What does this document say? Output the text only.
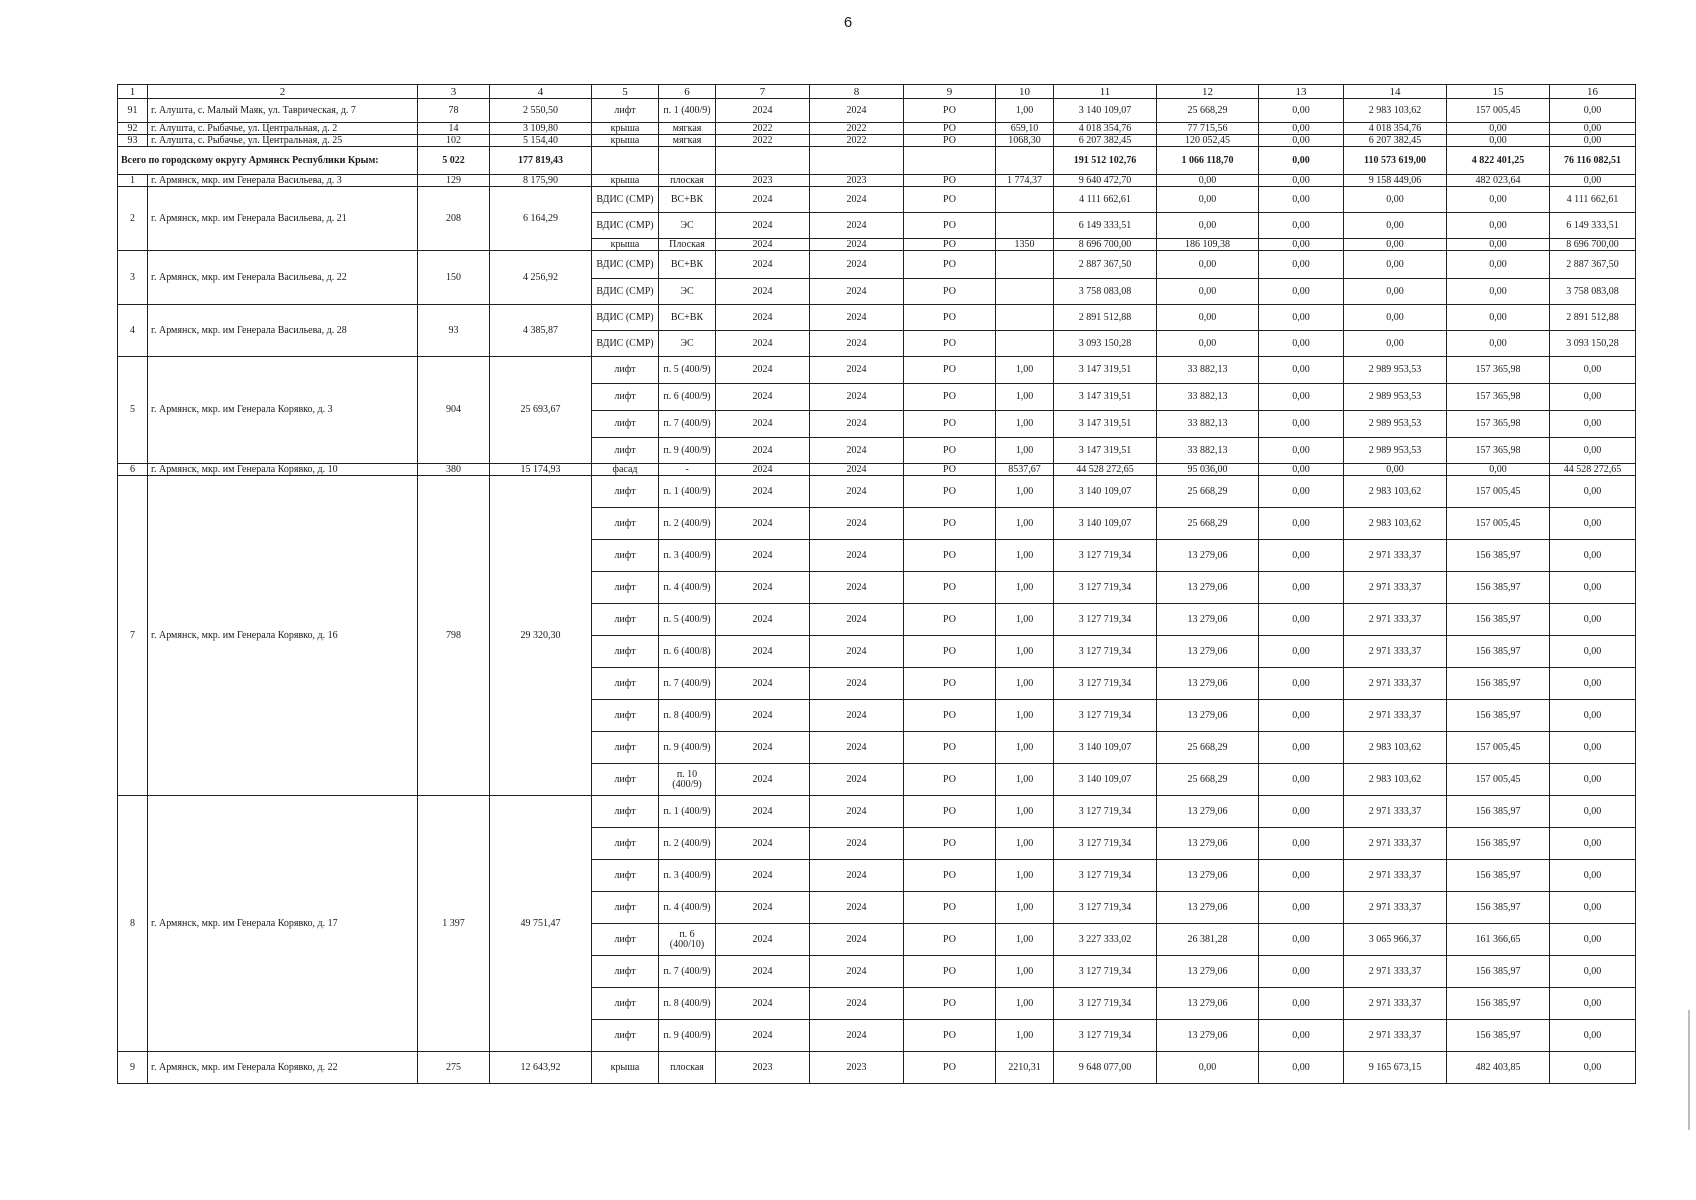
6
1	2	3	4	5	6	7	8	9	10	11	12	13	14	15	16
91	г. Алушта, с. Малый Маяк, ул. Таврическая, д. 7	78	2 550,50	лифт	п. 1 (400/9)	2024	2024	РО	1,00	3 140 109,07	25 668,29	0,00	2 983 103,62	157 005,45	0,00
92	г. Алушта, с. Рыбачье, ул. Центральная, д. 2	14	3 109,80	крыша	мягкая	2022	2022	РО	659,10	4 018 354,76	77 715,56	0,00	4 018 354,76	0,00	0,00
93	г. Алушта, с. Рыбачье, ул. Центральная, д. 25	102	5 154,40	крыша	мягкая	2022	2022	РО	1068,30	6 207 382,45	120 052,45	0,00	6 207 382,45	0,00	0,00
Всего по городскому округу Армянск Республики Крым:		5 022	177 819,43							191 512 102,76	1 066 118,70	0,00	110 573 619,00	4 822 401,25	76 116 082,51
1	г. Армянск, мкр. им Генерала Васильева, д. 3	129	8 175,90	крыша	плоская	2023	2023	РО	1 774,37	9 640 472,70	0,00	0,00	9 158 449,06	482 023,64	0,00
2	г. Армянск, мкр. им Генерала Васильева, д. 21	208	6 164,29	ВДИС (СМР)	ВС+ВК	2024	2024	РО		4 111 662,61	0,00	0,00	0,00	0,00	4 111 662,61
				ВДИС (СМР)	ЭС	2024	2024	РО		6 149 333,51	0,00	0,00	0,00	0,00	6 149 333,51
				крыша	Плоская	2024	2024	РО	1350	8 696 700,00	186 109,38	0,00	0,00	0,00	8 696 700,00
3	г. Армянск, мкр. им Генерала Васильева, д. 22	150	4 256,92	ВДИС (СМР)	ВС+ВК	2024	2024	РО		2 887 367,50	0,00	0,00	0,00	0,00	2 887 367,50
				ВДИС (СМР)	ЭС	2024	2024	РО		3 758 083,08	0,00	0,00	0,00	0,00	3 758 083,08
4	г. Армянск, мкр. им Генерала Васильева, д. 28	93	4 385,87	ВДИС (СМР)	ВС+ВК	2024	2024	РО		2 891 512,88	0,00	0,00	0,00	0,00	2 891 512,88
				ВДИС (СМР)	ЭС	2024	2024	РО		3 093 150,28	0,00	0,00	0,00	0,00	3 093 150,28
5	г. Армянск, мкр. им Генерала Корявко, д. 3	904	25 693,67	лифт	п. 5 (400/9)	2024	2024	РО	1,00	3 147 319,51	33 882,13	0,00	2 989 953,53	157 365,98	0,00
				лифт	п. 6 (400/9)	2024	2024	РО	1,00	3 147 319,51	33 882,13	0,00	2 989 953,53	157 365,98	0,00
				лифт	п. 7 (400/9)	2024	2024	РО	1,00	3 147 319,51	33 882,13	0,00	2 989 953,53	157 365,98	0,00
				лифт	п. 9 (400/9)	2024	2024	РО	1,00	3 147 319,51	33 882,13	0,00	2 989 953,53	157 365,98	0,00
6	г. Армянск, мкр. им Генерала Корявко, д. 10	380	15 174,93	фасад	-	2024	2024	РО	8537,67	44 528 272,65	95 036,00	0,00	0,00	0,00	44 528 272,65
7	г. Армянск, мкр. им Генерала Корявко, д. 16	798	29 320,30	лифт	п. 1 (400/9)	2024	2024	РО	1,00	3 140 109,07	25 668,29	0,00	2 983 103,62	157 005,45	0,00
				лифт	п. 2 (400/9)	2024	2024	РО	1,00	3 140 109,07	25 668,29	0,00	2 983 103,62	157 005,45	0,00
				лифт	п. 3 (400/9)	2024	2024	РО	1,00	3 127 719,34	13 279,06	0,00	2 971 333,37	156 385,97	0,00
				лифт	п. 4 (400/9)	2024	2024	РО	1,00	3 127 719,34	13 279,06	0,00	2 971 333,37	156 385,97	0,00
				лифт	п. 5 (400/9)	2024	2024	РО	1,00	3 127 719,34	13 279,06	0,00	2 971 333,37	156 385,97	0,00
				лифт	п. 6 (400/8)	2024	2024	РО	1,00	3 127 719,34	13 279,06	0,00	2 971 333,37	156 385,97	0,00
				лифт	п. 7 (400/9)	2024	2024	РО	1,00	3 127 719,34	13 279,06	0,00	2 971 333,37	156 385,97	0,00
				лифт	п. 8 (400/9)	2024	2024	РО	1,00	3 127 719,34	13 279,06	0,00	2 971 333,37	156 385,97	0,00
				лифт	п. 9 (400/9)	2024	2024	РО	1,00	3 140 109,07	25 668,29	0,00	2 983 103,62	157 005,45	0,00
				лифт	п. 10 (400/9)	2024	2024	РО	1,00	3 140 109,07	25 668,29	0,00	2 983 103,62	157 005,45	0,00
8	г. Армянск, мкр. им Генерала Корявко, д. 17	1 397	49 751,47	лифт	п. 1 (400/9)	2024	2024	РО	1,00	3 127 719,34	13 279,06	0,00	2 971 333,37	156 385,97	0,00
				лифт	п. 2 (400/9)	2024	2024	РО	1,00	3 127 719,34	13 279,06	0,00	2 971 333,37	156 385,97	0,00
				лифт	п. 3 (400/9)	2024	2024	РО	1,00	3 127 719,34	13 279,06	0,00	2 971 333,37	156 385,97	0,00
				лифт	п. 4 (400/9)	2024	2024	РО	1,00	3 127 719,34	13 279,06	0,00	2 971 333,37	156 385,97	0,00
				лифт	п. 6 (400/10)	2024	2024	РО	1,00	3 227 333,02	26 381,28	0,00	3 065 966,37	161 366,65	0,00
				лифт	п. 7 (400/9)	2024	2024	РО	1,00	3 127 719,34	13 279,06	0,00	2 971 333,37	156 385,97	0,00
				лифт	п. 8 (400/9)	2024	2024	РО	1,00	3 127 719,34	13 279,06	0,00	2 971 333,37	156 385,97	0,00
				лифт	п. 9 (400/9)	2024	2024	РО	1,00	3 127 719,34	13 279,06	0,00	2 971 333,37	156 385,97	0,00
9	г. Армянск, мкр. им Генерала Корявко, д. 22	275	12 643,92	крыша	плоская	2023	2023	РО	2210,31	9 648 077,00	0,00	0,00	9 165 673,15	482 403,85	0,00
